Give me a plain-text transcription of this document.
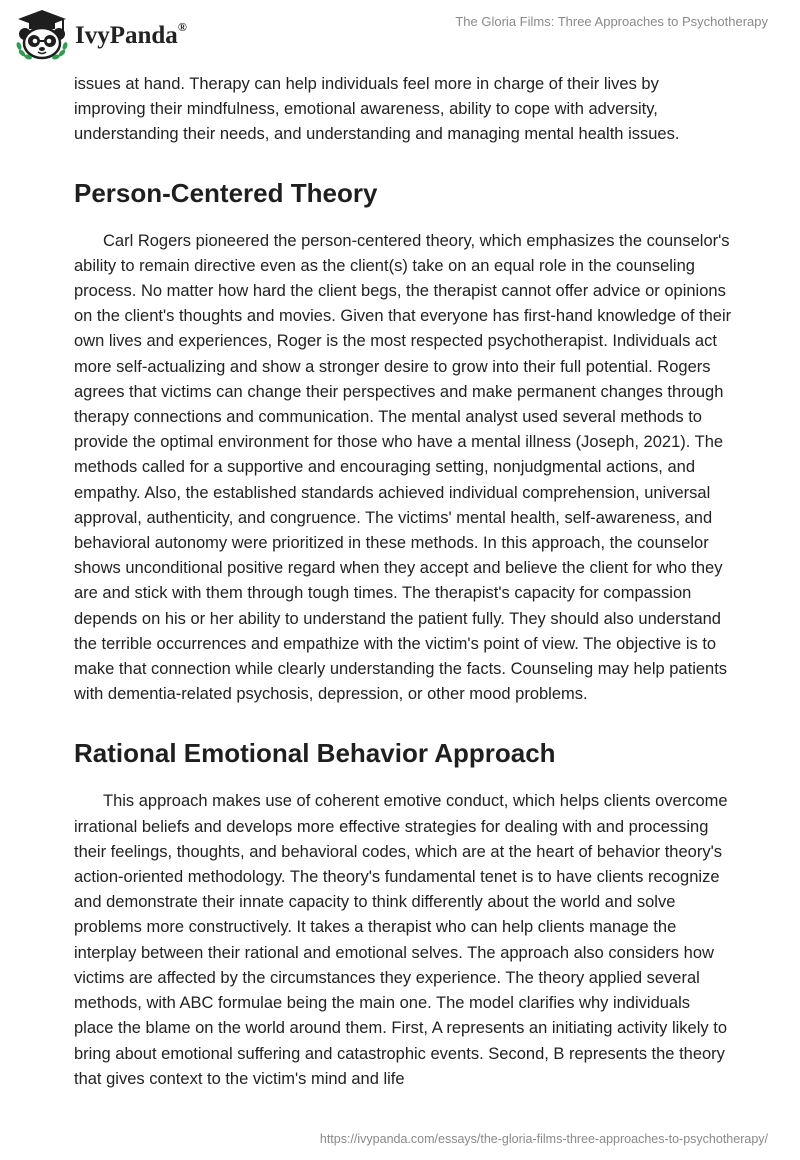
IvyPanda®	The Gloria Films: Three Approaches to Psychotherapy

issues at hand. Therapy can help individuals feel more in charge of their lives by improving their mindfulness, emotional awareness, ability to cope with adversity, understanding their needs, and understanding and managing mental health issues.

Person-Centered Theory

Carl Rogers pioneered the person-centered theory, which emphasizes the counselor's ability to remain directive even as the client(s) take on an equal role in the counseling process. No matter how hard the client begs, the therapist cannot offer advice or opinions on the client's thoughts and movies. Given that everyone has first-hand knowledge of their own lives and experiences, Roger is the most respected psychotherapist. Individuals act more self-actualizing and show a stronger desire to grow into their full potential. Rogers agrees that victims can change their perspectives and make permanent changes through therapy connections and communication. The mental analyst used several methods to provide the optimal environment for those who have a mental illness (Joseph, 2021). The methods called for a supportive and encouraging setting, nonjudgmental actions, and empathy. Also, the established standards achieved individual comprehension, universal approval, authenticity, and congruence. The victims' mental health, self-awareness, and behavioral autonomy were prioritized in these methods. In this approach, the counselor shows unconditional positive regard when they accept and believe the client for who they are and stick with them through tough times. The therapist's capacity for compassion depends on his or her ability to understand the patient fully. They should also understand the terrible occurrences and empathize with the victim's point of view. The objective is to make that connection while clearly understanding the facts. Counseling may help patients with dementia-related psychosis, depression, or other mood problems.

Rational Emotional Behavior Approach

This approach makes use of coherent emotive conduct, which helps clients overcome irrational beliefs and develops more effective strategies for dealing with and processing their feelings, thoughts, and behavioral codes, which are at the heart of behavior theory's action-oriented methodology. The theory's fundamental tenet is to have clients recognize and demonstrate their innate capacity to think differently about the world and solve problems more constructively. It takes a therapist who can help clients manage the interplay between their rational and emotional selves. The approach also considers how victims are affected by the circumstances they experience. The theory applied several methods, with ABC formulae being the main one. The model clarifies why individuals place the blame on the world around them. First, A represents an initiating activity likely to bring about emotional suffering and catastrophic events. Second, B represents the theory that gives context to the victim's mind and life

https://ivypanda.com/essays/the-gloria-films-three-approaches-to-psychotherapy/
